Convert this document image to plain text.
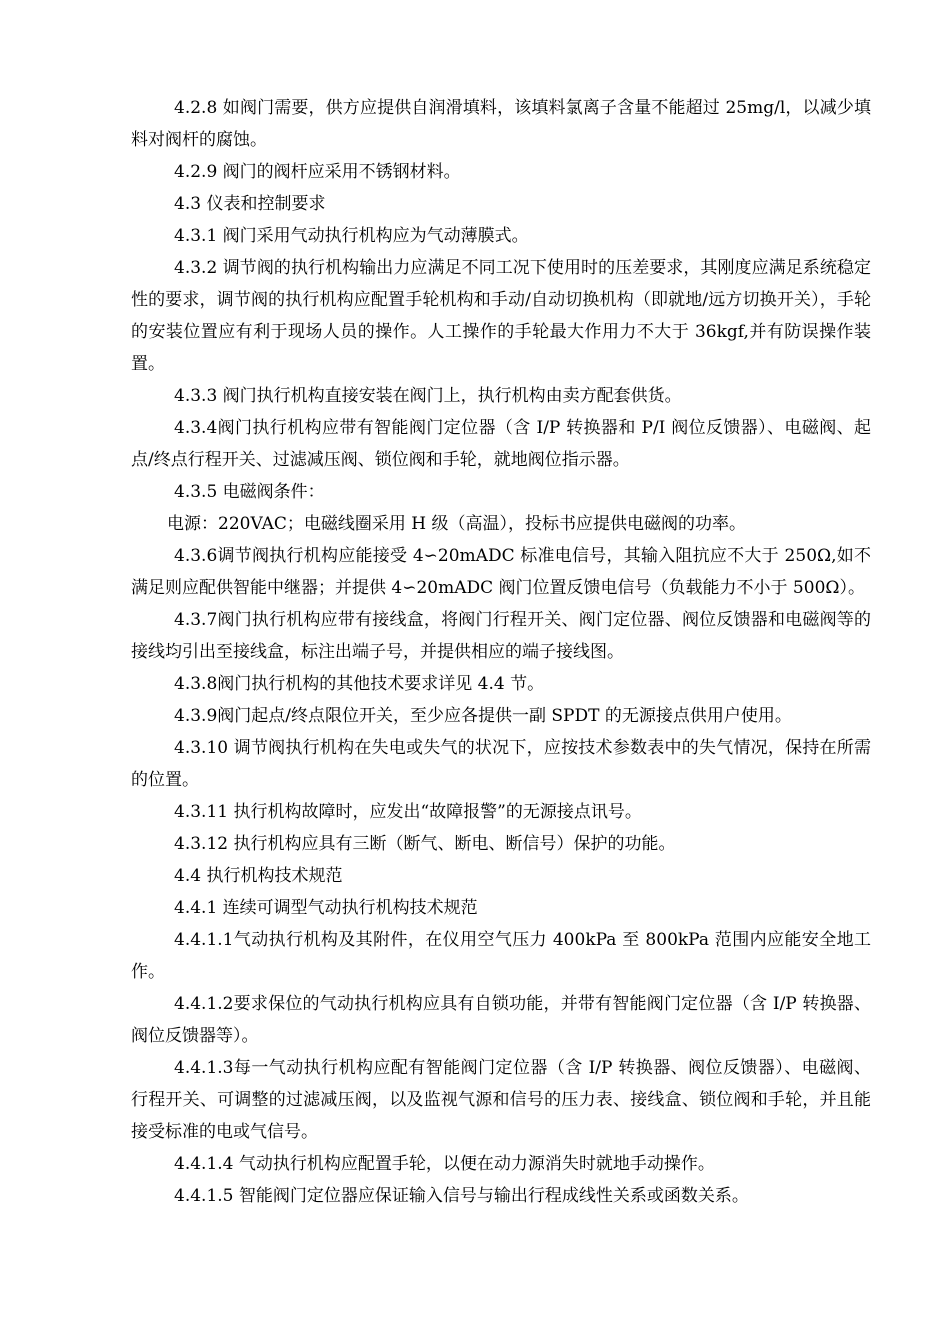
4.2.8 如阀门需要，供方应提供自润滑填料，该填料氯离子含量不能超过 25mg/l，以减少填料对阀杆的腐蚀。

4.2.9 阀门的阀杆应采用不锈钢材料。

4.3 仪表和控制要求

4.3.1 阀门采用气动执行机构应为气动薄膜式。

4.3.2 调节阀的执行机构输出力应满足不同工况下使用时的压差要求，其刚度应满足系统稳定性的要求，调节阀的执行机构应配置手轮机构和手动/自动切换机构（即就地/远方切换开关），手轮的安装位置应有利于现场人员的操作。人工操作的手轮最大作用力不大于 36kgf,并有防误操作装置。

4.3.3 阀门执行机构直接安装在阀门上，执行机构由卖方配套供货。

4.3.4阀门执行机构应带有智能阀门定位器（含 I/P 转换器和 P/I 阀位反馈器）、电磁阀、起点/终点行程开关、过滤减压阀、锁位阀和手轮，就地阀位指示器。

4.3.5 电磁阀条件：

电源：220VAC；电磁线圈采用 H 级（高温），投标书应提供电磁阀的功率。

4.3.6调节阀执行机构应能接受 4∽20mADC 标准电信号，其输入阻抗应不大于 250Ω,如不满足则应配供智能中继器；并提供 4∽20mADC 阀门位置反馈电信号（负载能力不小于 500Ω）。

4.3.7阀门执行机构应带有接线盒，将阀门行程开关、阀门定位器、阀位反馈器和电磁阀等的接线均引出至接线盒，标注出端子号，并提供相应的端子接线图。

4.3.8阀门执行机构的其他技术要求详见 4.4 节。

4.3.9阀门起点/终点限位开关，至少应各提供一副 SPDT 的无源接点供用户使用。

4.3.10 调节阀执行机构在失电或失气的状况下，应按技术参数表中的失气情况，保持在所需的位置。

4.3.11 执行机构故障时，应发出“故障报警”的无源接点讯号。

4.3.12 执行机构应具有三断（断气、断电、断信号）保护的功能。

4.4 执行机构技术规范

4.4.1 连续可调型气动执行机构技术规范

4.4.1.1气动执行机构及其附件，在仪用空气压力 400kPa 至 800kPa 范围内应能安全地工作。

4.4.1.2要求保位的气动执行机构应具有自锁功能，并带有智能阀门定位器（含 I/P 转换器、阀位反馈器等）。

4.4.1.3每一气动执行机构应配有智能阀门定位器（含 I/P 转换器、阀位反馈器）、电磁阀、行程开关、可调整的过滤减压阀，以及监视气源和信号的压力表、接线盒、锁位阀和手轮，并且能接受标准的电或气信号。

4.4.1.4 气动执行机构应配置手轮，以便在动力源消失时就地手动操作。

4.4.1.5 智能阀门定位器应保证输入信号与输出行程成线性关系或函数关系。
